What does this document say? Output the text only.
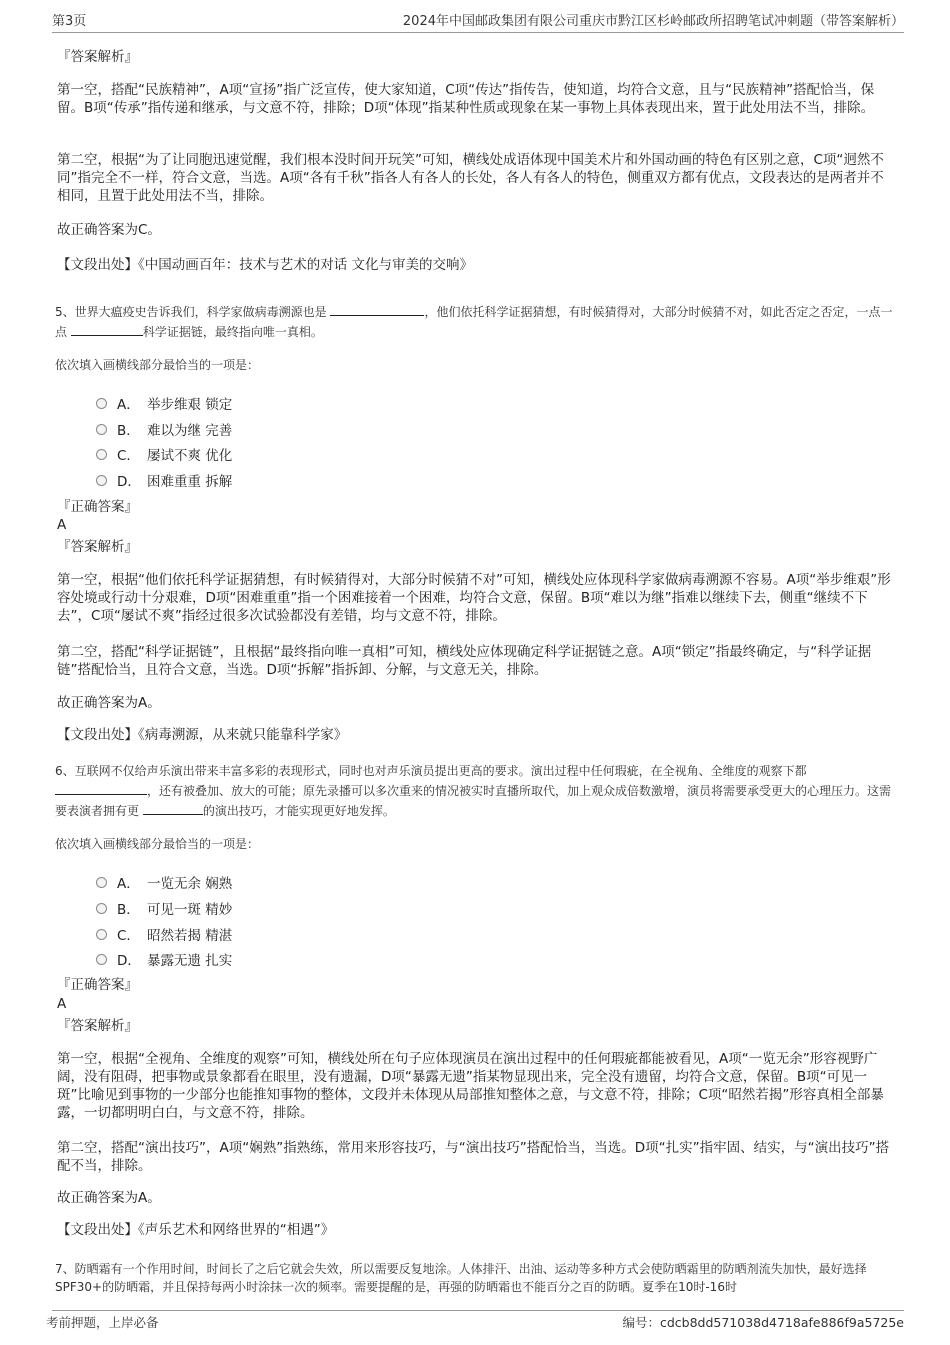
第3页	2024年中国邮政集团有限公司重庆市黔江区杉岭邮政所招聘笔试冲刺题（带答案解析）
『答案解析』
第一空，搭配“民族精神”，A项“宣扬”指广泛宣传，使大家知道，C项“传达”指传告，使知道，均符合文意，且与“民族精神”搭配恰当，保留。B项“传承”指传递和继承，与文意不符，排除；D项“体现”指某种性质或现象在某一事物上具体表现出来，置于此处用法不当，排除。
第二空，根据“为了让同胞迅速觉醒，我们根本没时间开玩笑”可知，横线处成语体现中国美术片和外国动画的特色有区别之意，C项“迥然不同”指完全不一样，符合文意，当选。A项“各有千秋”指各人有各人的长处，各人有各人的特色，侧重双方都有优点，文段表达的是两者并不相同，且置于此处用法不当，排除。
故正确答案为C。
【文段出处】《中国动画百年：技术与艺术的对话 文化与审美的交响》
5、世界大瘟疫史告诉我们，科学家做病毒溯源也是	，他们依托科学证据猜想，有时候猜得对，大部分时候猜不对，如此否定之否定，一点一点	科学证据链，最终指向唯一真相。
依次填入画横线部分最恰当的一项是：
A． 举步维艰 锁定
B． 难以为继 完善
C． 屡试不爽 优化
D． 困难重重 拆解
『正确答案』
A
『答案解析』
第一空，根据“他们依托科学证据猜想，有时候猜得对，大部分时候猜不对”可知，横线处应体现科学家做病毒溯源不容易。A项“举步维艰”形容处境或行动十分艰难，D项“困难重重”指一个困难接着一个困难，均符合文意，保留。B项“难以为继”指难以继续下去，侧重“继续不下去”，C项“屡试不爽”指经过很多次试验都没有差错，均与文意不符，排除。
第二空，搭配“科学证据链”，且根据“最终指向唯一真相”可知，横线处应体现确定科学证据链之意。A项“锁定”指最终确定，与“科学证据链”搭配恰当，且符合文意，当选。D项“拆解”指拆卸、分解，与文意无关，排除。
故正确答案为A。
【文段出处】《病毒溯源，从来就只能靠科学家》
6、互联网不仅给声乐演出带来丰富多彩的表现形式，同时也对声乐演员提出更高的要求。演出过程中任何瑕疵，在全视角、全维度的观察下都，还有被叠加、放大的可能；原先录播可以多次重来的情况被实时直播所取代，加上观众成倍数激增，演员将需要承受更大的心理压力。这需要表演者拥有更	的演出技巧，才能实现更好地发挥。
依次填入画横线部分最恰当的一项是：
A． 一览无余 娴熟
B． 可见一斑 精妙
C． 昭然若揭 精湛
D． 暴露无遗 扎实
『正确答案』
A
『答案解析』
第一空，根据“全视角、全维度的观察”可知，横线处所在句子应体现演员在演出过程中的任何瑕疵都能被看见，A项“一览无余”形容视野广阔，没有阻碍，把事物或景象都看在眼里，没有遗漏，D项“暴露无遗”指某物显现出来，完全没有遗留，均符合文意，保留。B项“可见一斑”比喻见到事物的一少部分也能推知事物的整体，文段并未体现从局部推知整体之意，与文意不符，排除；C项“昭然若揭”形容真相全部暴露，一切都明明白白，与文意不符，排除。
第二空，搭配“演出技巧”，A项“娴熟”指熟练，常用来形容技巧，与“演出技巧”搭配恰当，当选。D项“扎实”指牢固、结实，与“演出技巧”搭配不当，排除。
故正确答案为A。
【文段出处】《声乐艺术和网络世界的“相遇”》
7、防晒霜有一个作用时间，时间长了之后它就会失效，所以需要反复地涂。人体排汗、出油、运动等多种方式会使防晒霜里的防晒剂流失加快，最好选择SPF30+的防晒霜，并且保持每两小时涂抹一次的频率。需要提醒的是，再强的防晒霜也不能百分之百的防晒。夏季在10时-16时
考前押题，上岸必备	编号：cdcb8dd571038d4718afe886f9a5725e
